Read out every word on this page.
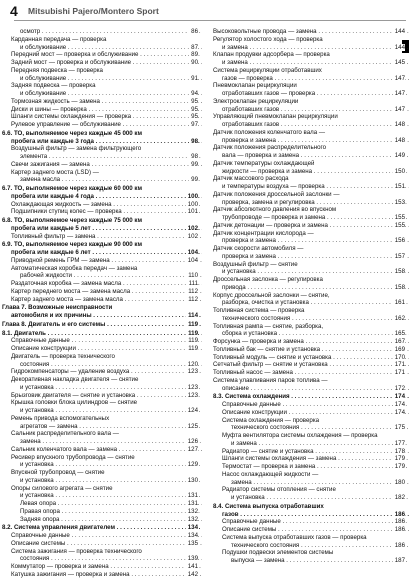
4	Mitsubishi Pajero/Montero Sport
осмотр . . .	86
Карданная передача — проверка
и обслуживание . . .	87
Передний мост — проверка и обслуживание . . .	89
Задний мост — проверка и обслуживание . . .	90
Передняя подвеска — проверка
и обслуживание . . .	91
Задняя подвеска — проверка
и обслуживание . . .	94
Тормозная жидкость — замена . . .	95
Диски и шины — проверка . . .	95
Шланги системы охлаждения — проверка . . .	95
Рулевое управление — обслуживание . . .	97
6.6. ТО, выполняемое через каждые 45 000 км
пробега или каждые 3 года . . .	98
Воздушный фильтр — замена фильтрующего
элемента . . .	98
Свечи зажигания — замена . . .	99
Картер заднего моста (LSD) —
замена масла . . .	99
6.7. ТО, выполняемое через каждые 60 000 км
пробега или каждые 4 года . . .	100
Охлаждающая жидкость — замена . . .	100
Подшипники ступиц колес — проверка . . .	101
6.8. ТО, выполняемое через каждые 75 000 км
пробега или каждые 5 лет . . .	102
Топливный фильтр — замена . . .	102
6.9. ТО, выполняемое через каждые 90 000 км
пробега или каждые 6 лет . . .	104
Приводной ремень ГРМ — замена . . .	104
Автоматическая коробка передач — замена
рабочей жидкости . . .	110
Раздаточная коробка — замена масла . . .	111
Картер переднего моста — замена масла . . .	112
Картер заднего моста — замена масла . . .	112
Глава 7. Возможные неисправности
автомобиля и их причины . . .	114
Глава 8. Двигатель и его системы . . .	119
8.1. Двигатель . . .	119
Справочные данные . . .	119
Описание конструкции . . .	119
Двигатель — проверка технического
состояния . . .	120
Гидрокомпенсаторы — удаление воздуха . . .	123
Декоративная накладка двигателя — снятие
и установка . . .	123
Брызговик двигателя — снятие и установка . . .	123
Крышка головки блока цилиндров — снятие
и установка . . .	124
Ремень привода вспомогательных
агрегатов — замена . . .	125
Сальник распределительного вала —
замена . . .	126
Сальник коленчатого вала — замена . . .	127
Ресивер впускного трубопровода — снятие
и установка . . .	129
Впускной трубопровод — снятие
и установка . . .	130
Опоры силового агрегата — снятие
и установка . . .	131
Левая опора . . .	131
Правая опора . . .	132
Задняя опора . . .	132
8.2. Система управления двигателем . . .	134
Справочные данные . . .	134
Описание системы . . .	135
Система зажигания — проверка технического
состояния . . .	139
Коммутатор — проверка и замена . . .	141
Катушка зажигания — проверка и замена . . .	142
Высоковольтные провода — замена . . .	144
Регулятор холостого хода — проверка
и замена . . .	144
Клапан продувки адсорбера — проверка
и замена . . .	145
Система рециркуляции отработавших
газов — проверка . . .	147
Пневмоклапан рециркуляции
отработавших газов — проверка . . .	147
Электроклапан рециркуляции
отработавших газов . . .	147
Управляющий пневмоклапан рециркуляции
отработавших газов . . .	148
Датчик положения коленчатого вала —
проверка и замена . . .	148
Датчик положения распределительного
вала — проверка и замена . . .	149
Датчик температуры охлаждающей
жидкости — проверка и замена . . .	150
Датчик массового расхода
и температуры воздуха — проверка . . .	151
Датчик положения дроссельной заслонки —
проверка, замена и регулировка . . .	153
Датчик абсолютного давления во впускном
трубопроводе — проверка и замена . . .	155
Датчик детонации — проверка и замена . . .	155
Датчик концентрации кислорода —
проверка и замена . . .	156
Датчик скорости автомобиля —
проверка и замена . . .	157
Воздушный фильтр — снятие
и установка . . .	158
Дроссельная заслонка — регулировка
привода . . .	158
Корпус дроссельной заслонки — снятие,
разборка, очистка и установка . . .	161
Топливная система — проверка
технического состояния . . .	162
Топливная рампа — снятие, разборка,
сборка и установка . . .	165
Форсунка — проверка и замена . . .	167
Топливный бак — снятие и установка . . .	169
Топливный модуль — снятие и установка . . .	170
Сетчатый фильтр — снятие и установка . . .	171
Топливный насос — замена . . .	171
Система улавливания паров топлива —
описание . . .	172
8.3. Система охлаждения . . .	174
Справочные данные . . .	174
Описание конструкции . . .	174
Система охлаждения — проверка
технического состояния . . .	175
Муфта вентилятора системы охлаждения — проверка
и замена . . .	177
Радиатор — снятие и установка . . .	178
Шланги системы охлаждения — замена . . .	179
Термостат — проверка и замена . . .	179
Насос охлаждающей жидкости —
замена . . .	180
Радиатор системы отопления — снятие
и установка . . .	182
8.4. Система выпуска отработавших
газов . . .	186
Справочные данные . . .	186
Описание системы . . .	186
Система выпуска отработавших газов — проверка
технического состояния . . .	186
Подушки подвески элементов системы
выпуска — замена . . .	187
